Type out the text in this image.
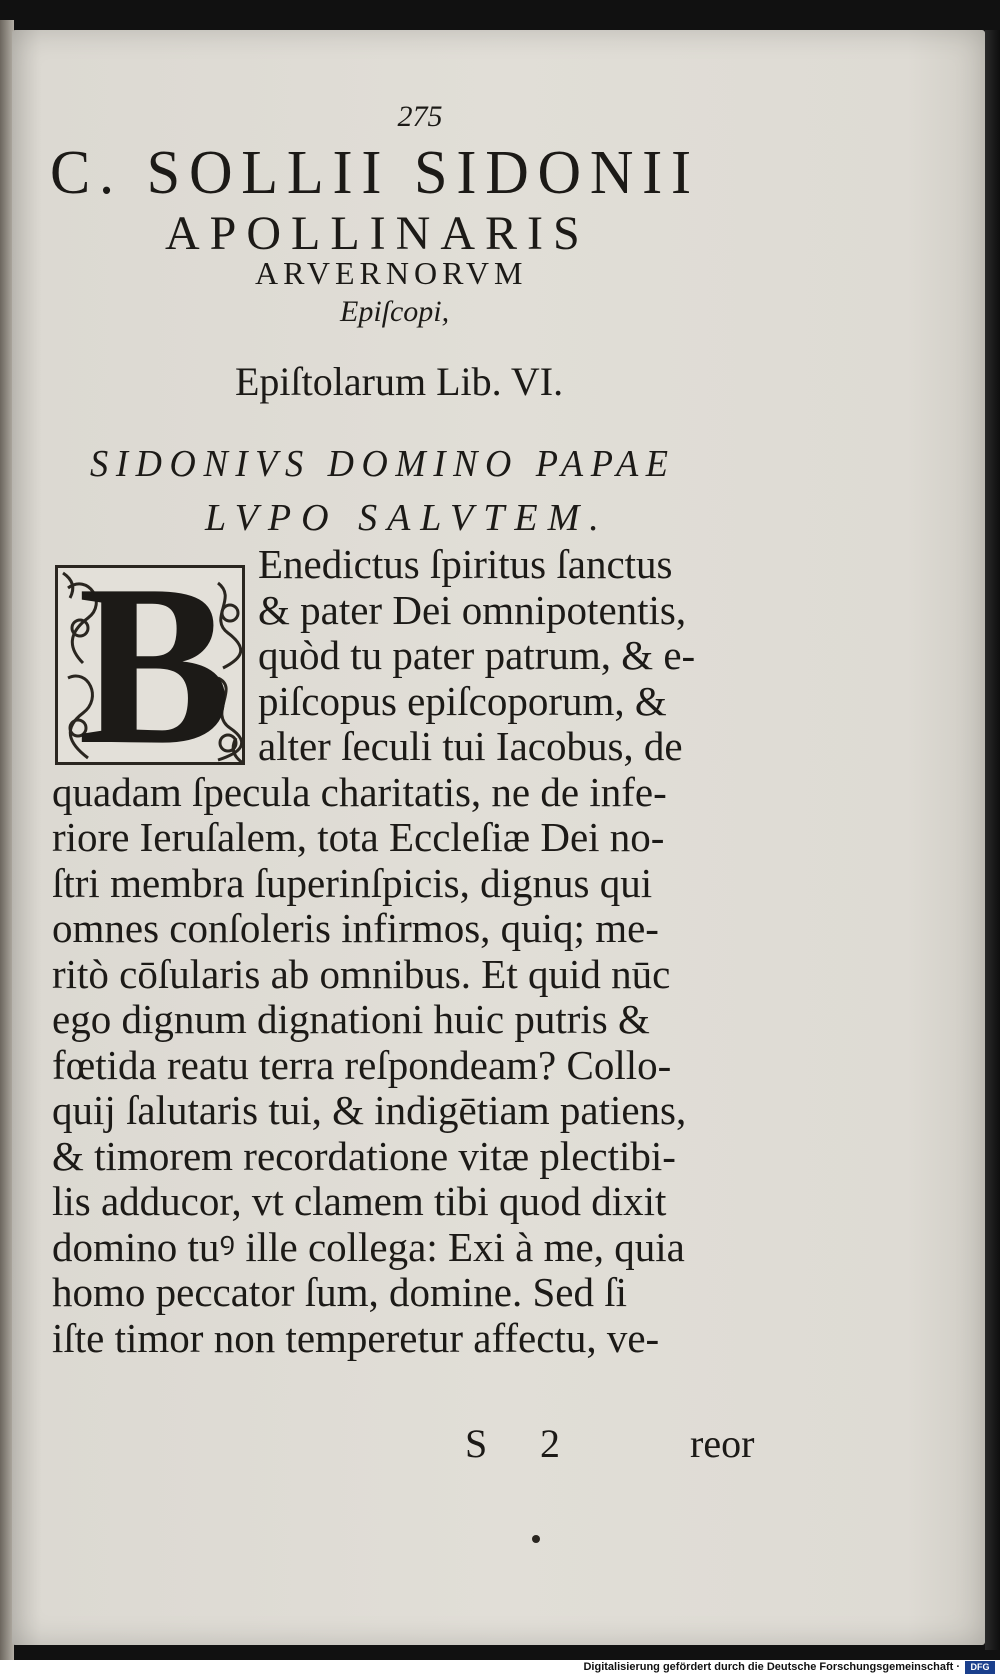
275
C. SOLLII SIDONII
APOLLINARIS
ARVERNORVM
Epiſcopi,
Epiſtolarum Lib. VI.
SIDONIVS DOMINO PAPAE
LVPO SALVTEM.
B Enedictus ſpiritus ſanctus
& pater Dei omnipotentis,
quòd tu pater patrum, & e-
piſcopus epiſcoporum, &
alter ſeculi tui Iacobus, de
quadam ſpecula charitatis, ne de infe-
riore Ieruſalem, tota Eccleſiæ Dei no-
ſtri membra ſuperinſpicis, dignus qui
omnes conſoleris infirmos, quiq; me-
ritò cōſularis ab omnibus. Et quid nūc
ego dignum dignationi huic putris &
fœtida reatu terra reſpondeam? Collo-
quij ſalutaris tui, & indigētiam patiens,
& timorem recordatione vitæ plectibi-
lis adducor, vt clamem tibi quod dixit
domino tuꝰ ille collega: Exi à me, quia
homo peccator ſum, domine. Sed ſi
iſte timor non temperetur affectu, ve-
S 2	reor
Digitalisierung gefördert durch die Deutsche Forschungsgemeinschaft ·	DFG
